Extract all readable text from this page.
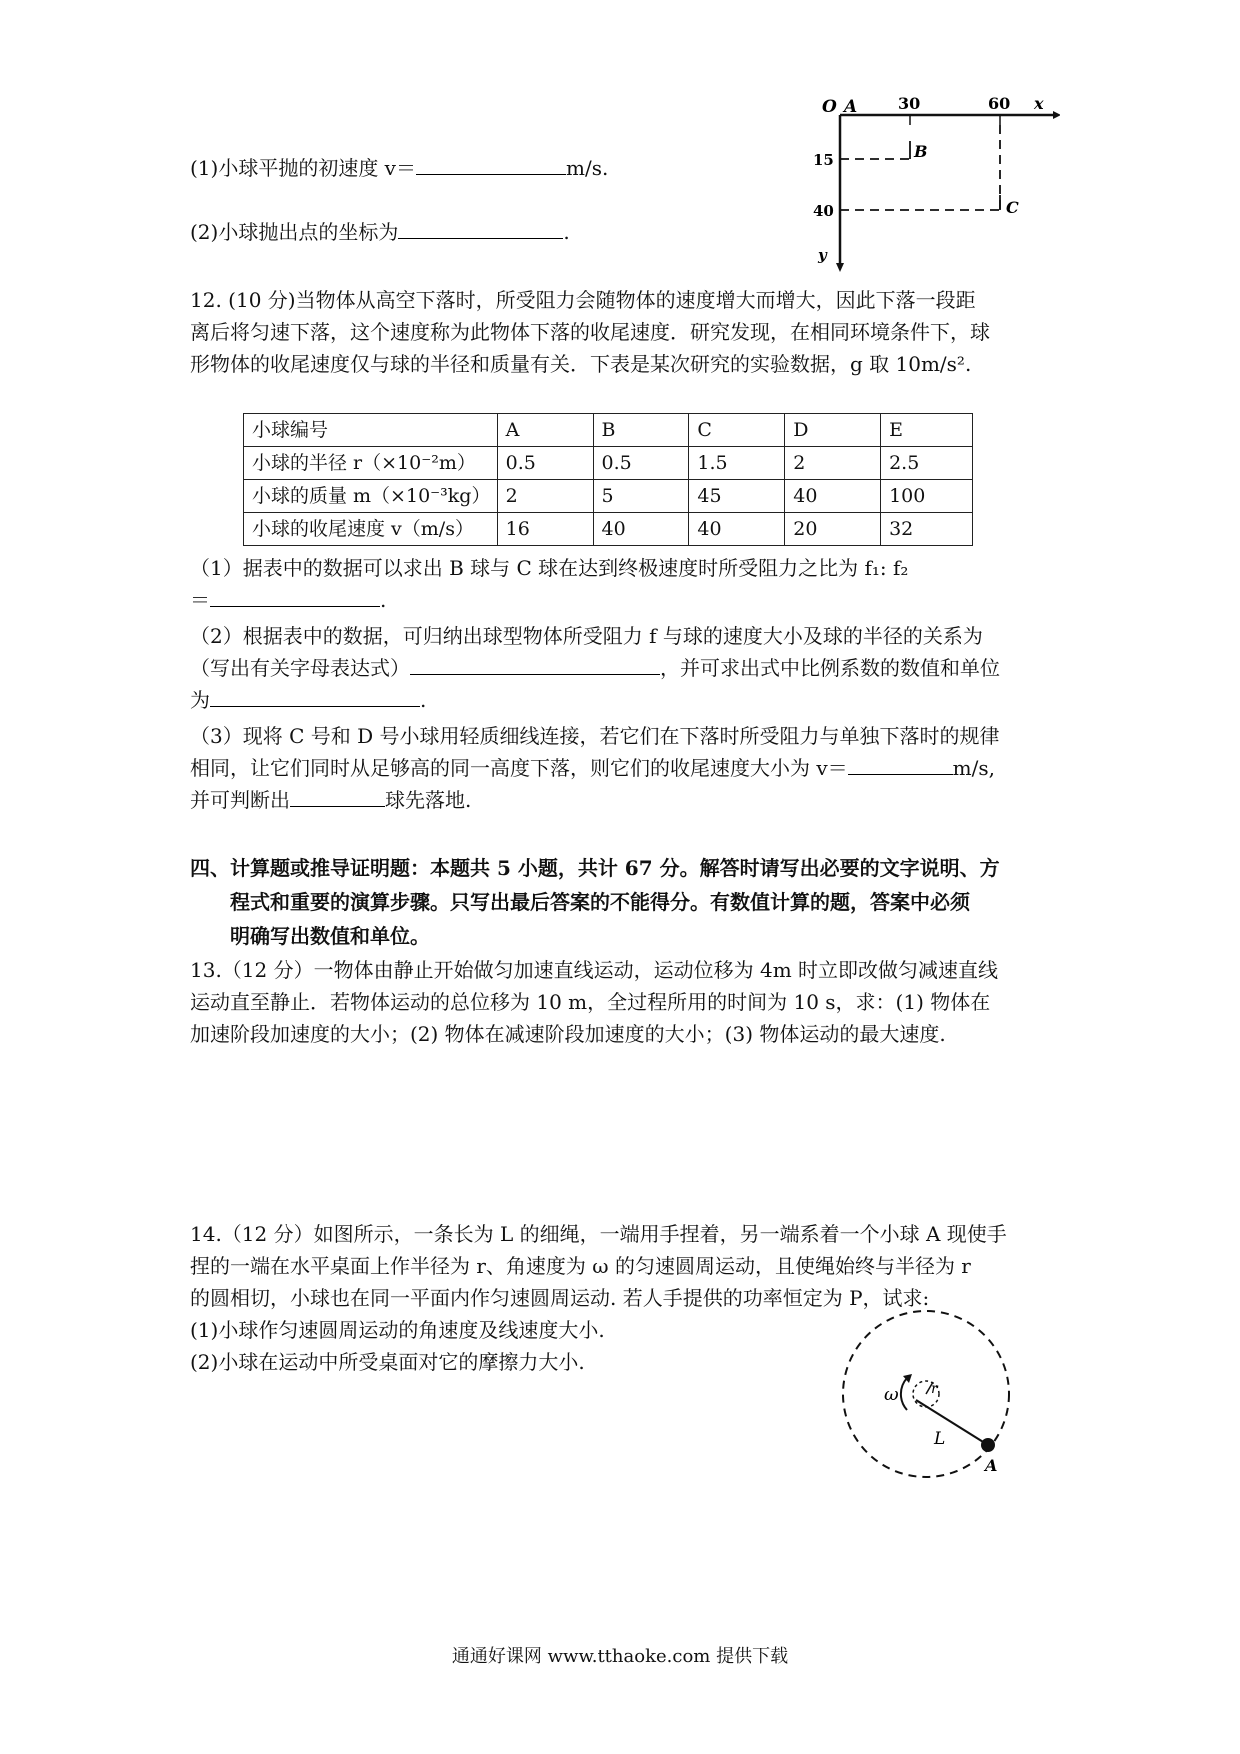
(1)小球平抛的初速度 v＝	m/s.
(2)小球抛出点的坐标为	.
O A	30	60 x
B
C
15
40
y
12. (10 分)当物体从高空下落时，所受阻力会随物体的速度增大而增大，因此下落一段距
离后将匀速下落，这个速度称为此物体下落的收尾速度．研究发现，在相同环境条件下，球
形物体的收尾速度仅与球的半径和质量有关．下表是某次研究的实验数据，g 取 10m/s².
小球编号	A	B	C	D	E
小球的半径 r（×10⁻²m）	0.5	0.5	1.5	2	2.5
小球的质量 m（×10⁻³kg）	2	5	45	40	100
小球的收尾速度 v（m/s）	16	40	40	20	32
（1）据表中的数据可以求出 B 球与 C 球在达到终极速度时所受阻力之比为 f₁: f₂
＝	.
（2）根据表中的数据，可归纳出球型物体所受阻力 f 与球的速度大小及球的半径的关系为
（写出有关字母表达式）	，并可求出式中比例系数的数值和单位
为	.
（3）现将 C 号和 D 号小球用轻质细线连接，若它们在下落时所受阻力与单独下落时的规律
相同，让它们同时从足够高的同一高度下落，则它们的收尾速度大小为 v＝	m/s,
并可判断出	球先落地.
四、计算题或推导证明题：本题共 5 小题，共计 67 分。解答时请写出必要的文字说明、方
程式和重要的演算步骤。只写出最后答案的不能得分。有数值计算的题，答案中必须
明确写出数值和单位。
13.（12 分）一物体由静止开始做匀加速直线运动，运动位移为 4m 时立即改做匀减速直线
运动直至静止．若物体运动的总位移为 10 m，全过程所用的时间为 10 s，求：(1) 物体在
加速阶段加速度的大小；(2) 物体在减速阶段加速度的大小；(3) 物体运动的最大速度.
14.（12 分）如图所示，一条长为 L 的细绳，一端用手捏着，另一端系着一个小球 A 现使手
捏的一端在水平桌面上作半径为 r、角速度为 ω 的匀速圆周运动，且使绳始终与半径为 r
的圆相切，小球也在同一平面内作匀速圆周运动. 若人手提供的功率恒定为 P，试求:
(1)小球作匀速圆周运动的角速度及线速度大小.
(2)小球在运动中所受桌面对它的摩擦力大小.
ω r
L
A
通通好课网 www.tthaoke.com 提供下载
